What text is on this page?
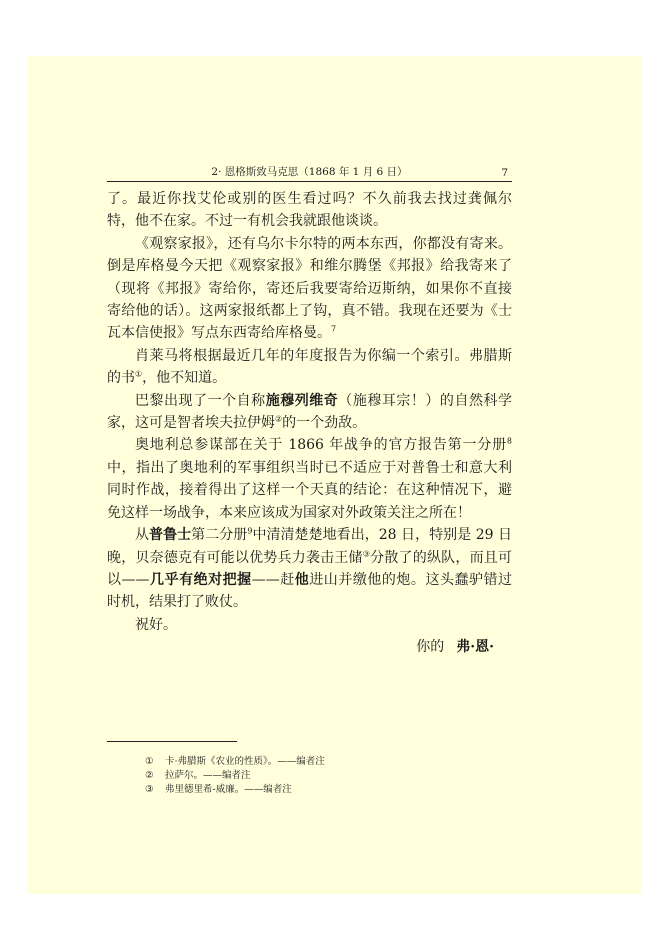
2· 恩格斯致马克思（1868 年 1 月 6 日）	7

了。最近你找艾伦或别的医生看过吗？不久前我去找过龚佩尔特，他不在家。不过一有机会我就跟他谈谈。

《观察家报》，还有乌尔卡尔特的两本东西，你都没有寄来。倒是库格曼今天把《观察家报》和维尔腾堡《邦报》给我寄来了（现将《邦报》寄给你，寄还后我要寄给迈斯纳，如果你不直接寄给他的话）。这两家报纸都上了钩，真不错。我现在还要为《士瓦本信使报》写点东西寄给库格曼。$^7$

肖莱马将根据最近几年的年度报告为你编一个索引。弗腊斯的书①，他不知道。

巴黎出现了一个自称施穆列维奇（施穆耳宗！）的自然科学家，这可是智者埃夫拉伊姆②的一个劲敌。

奥地利总参谋部在关于 1866 年战争的官方报告第一分册$^8$中，指出了奥地利的军事组织当时已不适应于对普鲁士和意大利同时作战，接着得出了这样一个天真的结论：在这种情况下，避免这样一场战争，本来应该成为国家对外政策关注之所在！

从普鲁士第二分册$^9$中清清楚楚地看出，28 日，特别是 29 日晚，贝奈德克有可能以优势兵力袭击王储③分散了的纵队，而且可以——几乎有绝对把握——赶他进山并缴他的炮。这头蠢驴错过时机，结果打了败仗。

祝好。

你的 弗·恩·

①	卡·弗腊斯《农业的性质》。——编者注
②	拉萨尔。——编者注
③	弗里德里希-威廉。——编者注
